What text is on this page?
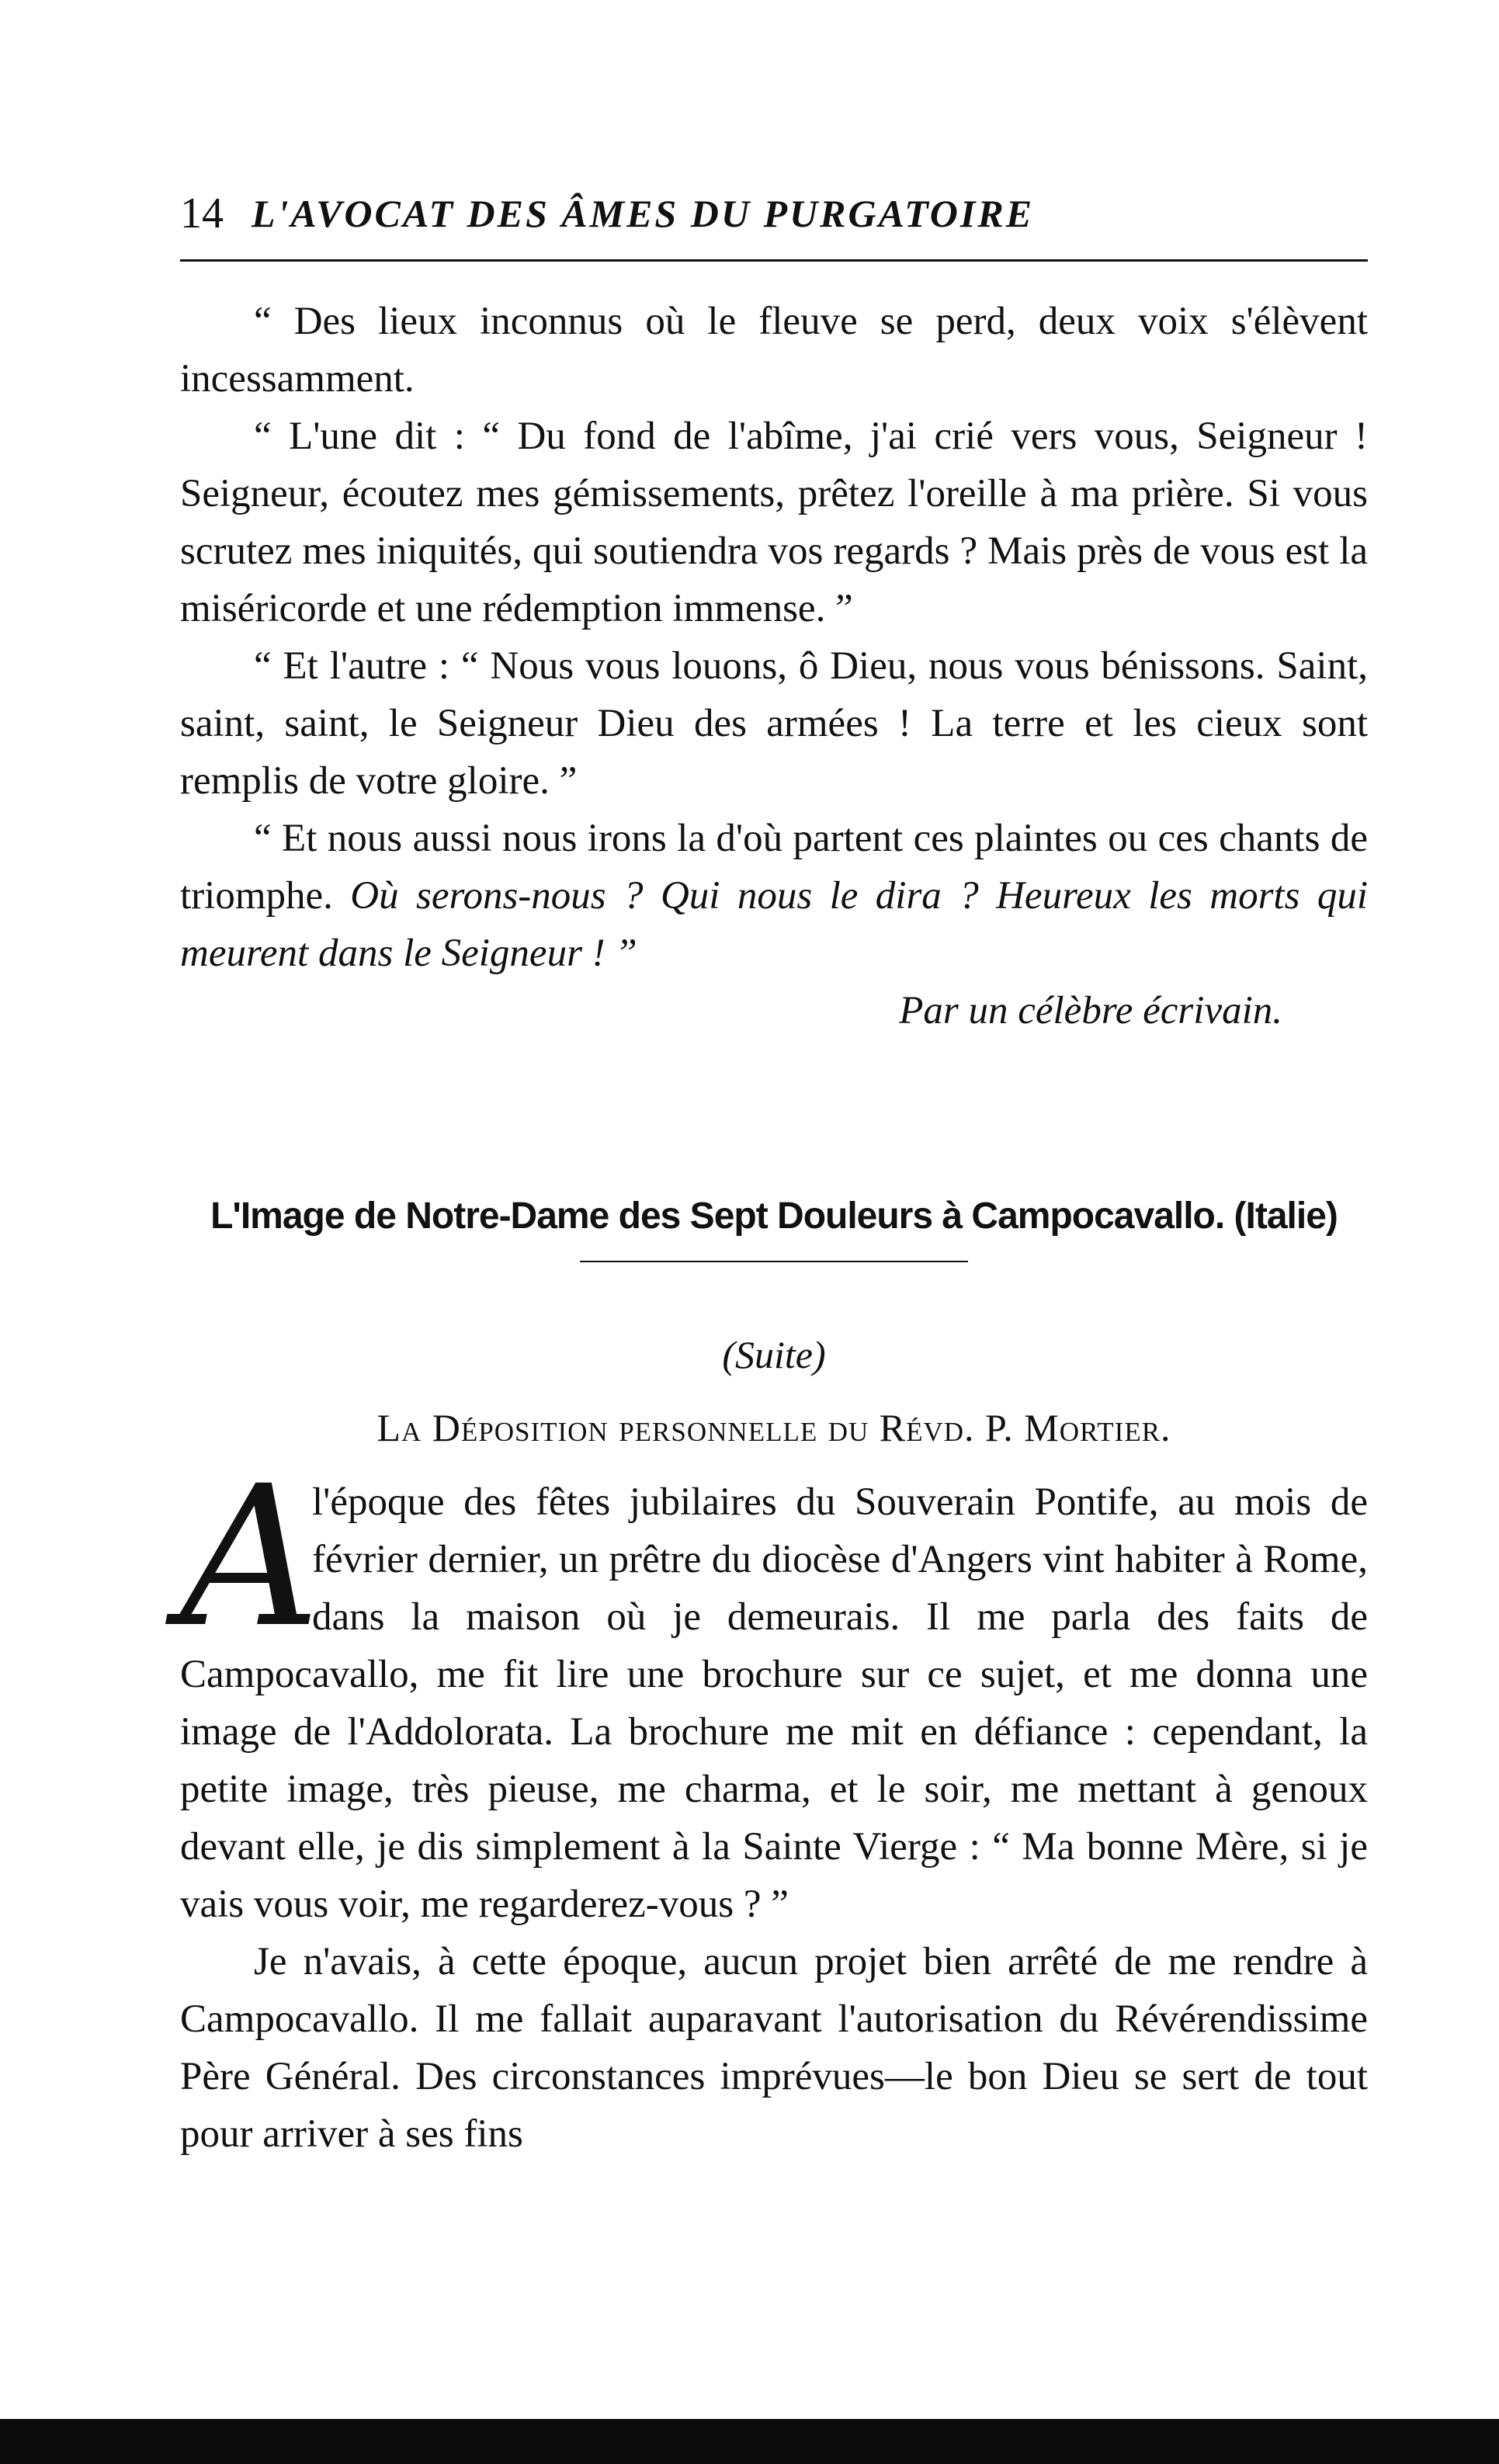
14 L'AVOCAT DES ÂMES DU PURGATOIRE

“ Des lieux inconnus où le fleuve se perd, deux voix s'élèvent incessamment.

“ L'une dit : “ Du fond de l'abîme, j'ai crié vers vous, Seigneur ! Seigneur, écoutez mes gémissements, prêtez l'oreille à ma prière. Si vous scrutez mes iniquités, qui soutiendra vos regards ? Mais près de vous est la miséricorde et une rédemption immense. ”

“ Et l'autre : “ Nous vous louons, ô Dieu, nous vous bénissons. Saint, saint, saint, le Seigneur Dieu des armées ! La terre et les cieux sont remplis de votre gloire. ”

“ Et nous aussi nous irons la d'où partent ces plaintes ou ces chants de triomphe. Où serons-nous ? Qui nous le dira ? Heureux les morts qui meurent dans le Seigneur ! ”

Par un célèbre écrivain.
L'Image de Notre-Dame des Sept Douleurs à Campocavallo. (Italie)
(Suite)
La Déposition personnelle du Révd. P. Mortier.
A

l'époque des fêtes jubilaires du Souverain Pontife, au mois de février dernier, un prêtre du diocèse d'Angers vint habiter à Rome, dans la maison où je demeurais. Il me parla des faits de Campocavallo, me fit lire une brochure sur ce sujet, et me donna une image de l'Addolorata. La brochure me mit en défiance : cependant, la petite image, très pieuse, me charma, et le soir, me mettant à genoux devant elle, je dis simplement à la Sainte Vierge : “ Ma bonne Mère, si je vais vous voir, me regarderez-vous ? ”

Je n'avais, à cette époque, aucun projet bien arrêté de me rendre à Campocavallo. Il me fallait auparavant l'autorisation du Révérendissime Père Général. Des circonstances imprévues—le bon Dieu se sert de tout pour arriver à ses fins
